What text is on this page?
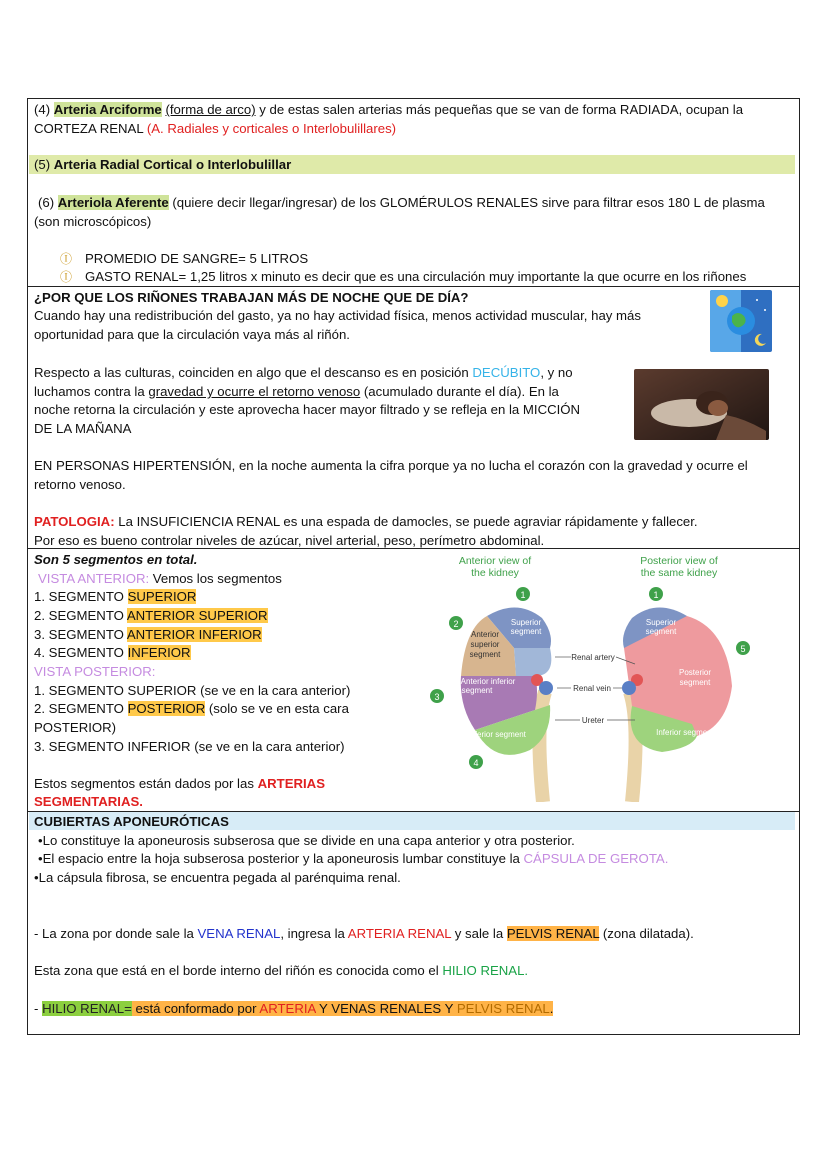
(4) Arteria Arciforme (forma de arco) y de estas salen arterias más pequeñas que se van de forma RADIADA, ocupan la
CORTEZA RENAL (A. Radiales y corticales o Interlobulillares)
(5) Arteria Radial Cortical o Interlobulillar
(6) Arteriola Aferente (quiere decir llegar/ingresar) de los GLOMÉRULOS RENALES sirve para filtrar esos 180 L de plasma
(son microscópicos)
Ⓘ PROMEDIO DE SANGRE= 5 LITROS
Ⓘ GASTO RENAL= 1,25 litros x minuto es decir que es una circulación muy importante la que ocurre en los riñones
¿POR QUE LOS RIÑONES TRABAJAN MÁS DE NOCHE QUE DE DÍA?
Cuando hay una redistribución del gasto, ya no hay actividad física, menos actividad muscular, hay más
oportunidad para que la circulación vaya más al riñón.
Respecto a las culturas, coinciden en algo que el descanso es en posición DECÚBITO, y no
luchamos contra la gravedad y ocurre el retorno venoso (acumulado durante el día). En la
noche retorna la circulación y este aprovecha hacer mayor filtrado y se refleja en la MICCIÓN
DE LA MAÑANA
EN PERSONAS HIPERTENSIÓN, en la noche aumenta la cifra porque ya no lucha el corazón con la gravedad y ocurre el
retorno venoso.
PATOLOGIA: La INSUFICIENCIA RENAL es una espada de damocles, se puede agraviar rápidamente y fallecer.
Por eso es bueno controlar niveles de azúcar, nivel arterial, peso, perímetro abdominal.
Son 5 segmentos en total.
VISTA ANTERIOR: Vemos los segmentos
1. SEGMENTO SUPERIOR
2. SEGMENTO ANTERIOR SUPERIOR
3. SEGMENTO ANTERIOR INFERIOR
4. SEGMENTO INFERIOR
VISTA POSTERIOR:
1. SEGMENTO SUPERIOR (se ve en la cara anterior)
2. SEGMENTO POSTERIOR (solo se ve en esta cara
POSTERIOR)
3. SEGMENTO INFERIOR (se ve en la cara anterior)
Estos segmentos están dados por las ARTERIAS
SEGMENTARIAS.
Anterior view of
the kidney
Posterior view of
the same kidney
Superior
segment
Anterior
superior
segment
Anterior inferior
segment
Inferior segment
Superior
segment
Posterior
segment
Inferior segment
Renal artery
Renal vein
Ureter
1
2
3
4
1
5
CUBIERTAS APONEURÓTICAS
•Lo constituye la aponeurosis subserosa que se divide en una capa anterior y otra posterior.
•El espacio entre la hoja subserosa posterior y la aponeurosis lumbar constituye la CÁPSULA DE GEROTA.
•La cápsula fibrosa, se encuentra pegada al parénquima renal.
- La zona por donde sale la VENA RENAL, ingresa la ARTERIA RENAL y sale la PELVIS RENAL (zona dilatada).
Esta zona que está en el borde interno del riñón es conocida como el HILIO RENAL.
- HILIO RENAL= está conformado por ARTERIA Y VENAS RENALES Y PELVIS RENAL.
